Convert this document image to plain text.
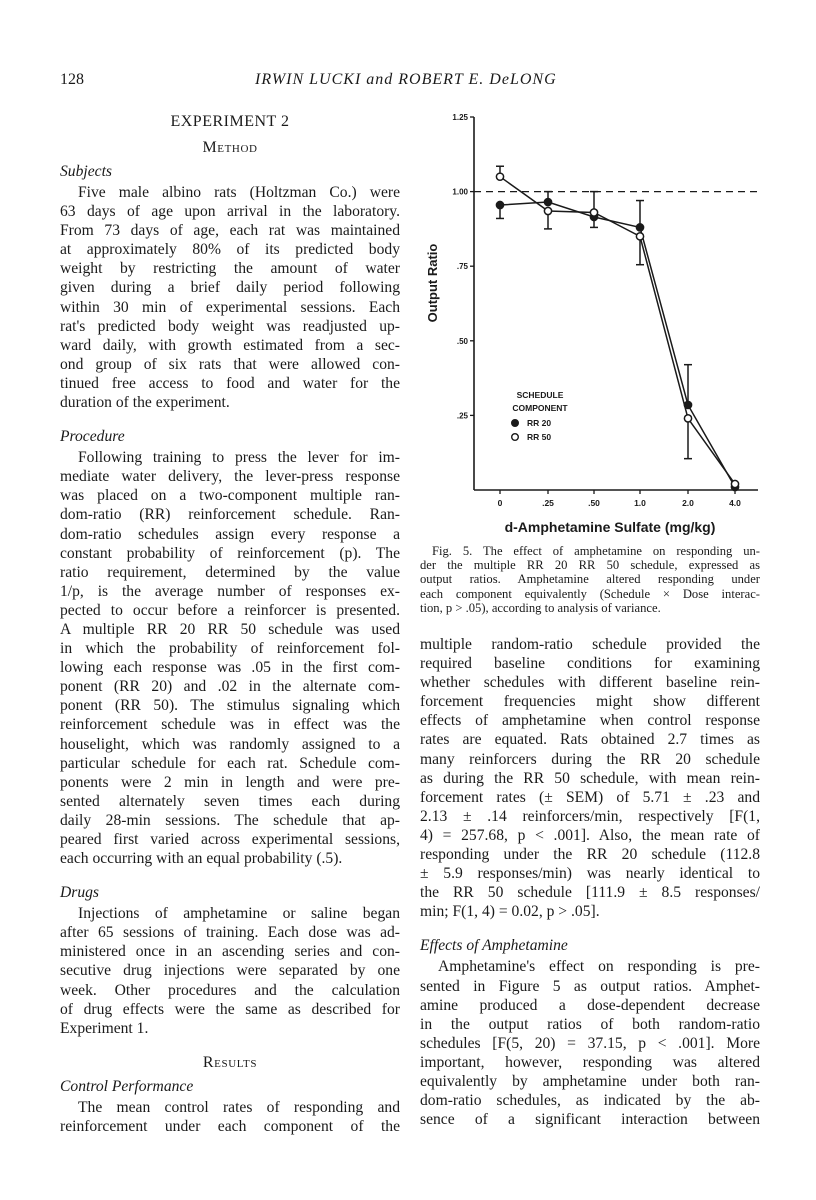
128	IRWIN LUCKI and ROBERT E. DeLONG
EXPERIMENT 2
Method
Subjects
Five male albino rats (Holtzman Co.) were
63 days of age upon arrival in the laboratory.
From 73 days of age, each rat was maintained
at approximately 80% of its predicted body
weight by restricting the amount of water
given during a brief daily period following
within 30 min of experimental sessions. Each
rat's predicted body weight was readjusted up-
ward daily, with growth estimated from a sec-
ond group of six rats that were allowed con-
tinued free access to food and water for the
duration of the experiment.
Procedure
Following training to press the lever for im-
mediate water delivery, the lever-press response
was placed on a two-component multiple ran-
dom-ratio (RR) reinforcement schedule. Ran-
dom-ratio schedules assign every response a
constant probability of reinforcement (p). The
ratio requirement, determined by the value
1/p, is the average number of responses ex-
pected to occur before a reinforcer is presented.
A multiple RR 20 RR 50 schedule was used
in which the probability of reinforcement fol-
lowing each response was .05 in the first com-
ponent (RR 20) and .02 in the alternate com-
ponent (RR 50). The stimulus signaling which
reinforcement schedule was in effect was the
houselight, which was randomly assigned to a
particular schedule for each rat. Schedule com-
ponents were 2 min in length and were pre-
sented alternately seven times each during
daily 28-min sessions. The schedule that ap-
peared first varied across experimental sessions,
each occurring with an equal probability (.5).
Drugs
Injections of amphetamine or saline began
after 65 sessions of training. Each dose was ad-
ministered once in an ascending series and con-
secutive drug injections were separated by one
week. Other procedures and the calculation
of drug effects were the same as described for
Experiment 1.
Results
Control Performance
The mean control rates of responding and
reinforcement under each component of the
multiple random-ratio schedule provided the
required baseline conditions for examining
whether schedules with different baseline rein-
forcement frequencies might show different
effects of amphetamine when control response
rates are equated. Rats obtained 2.7 times as
many reinforcers during the RR 20 schedule
as during the RR 50 schedule, with mean rein-
forcement rates (± SEM) of 5.71 ± .23 and
2.13 ± .14 reinforcers/min, respectively [F(1,
4) = 257.68, p < .001]. Also, the mean rate of
responding under the RR 20 schedule (112.8
± 5.9 responses/min) was nearly identical to
the RR 50 schedule [111.9 ± 8.5 responses/
min; F(1, 4) = 0.02, p > .05].
Effects of Amphetamine
Amphetamine's effect on responding is pre-
sented in Figure 5 as output ratios. Amphet-
amine produced a dose-dependent decrease
in the output ratios of both random-ratio
schedules [F(5, 20) = 37.15, p < .001]. More
important, however, responding was altered
equivalently by amphetamine under both ran-
dom-ratio schedules, as indicated by the ab-
sence of a significant interaction between
.25
.50
.75
1.00
1.25
0	.25	.50	1.0	2.0	4.0
d-Amphetamine Sulfate (mg/kg)
Output Ratio
SCHEDULE
COMPONENT
RR 20
RR 50
Fig. 5. The effect of amphetamine on responding un-
der the multiple RR 20 RR 50 schedule, expressed as
output ratios. Amphetamine altered responding under
each component equivalently (Schedule × Dose interac-
tion, p > .05), according to analysis of variance.
